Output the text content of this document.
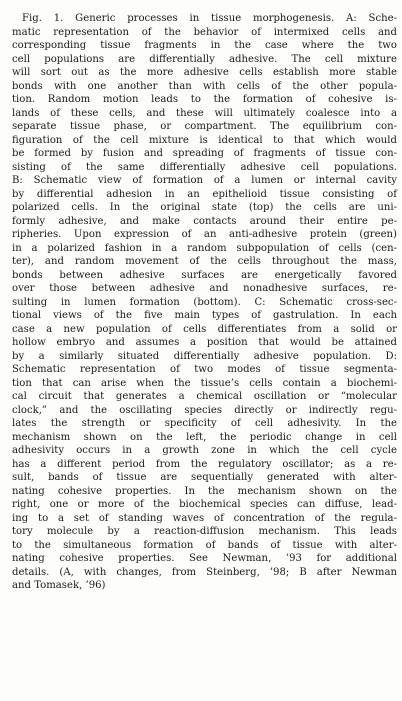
Fig. 1. Generic processes in tissue morphogenesis. A: Sche-
matic representation of the behavior of intermixed cells and
corresponding tissue fragments in the case where the two
cell populations are differentially adhesive. The cell mixture
will sort out as the more adhesive cells establish more stable
bonds with one another than with cells of the other popula-
tion. Random motion leads to the formation of cohesive is-
lands of these cells, and these will ultimately coalesce into a
separate tissue phase, or compartment. The equilibrium con-
figuration of the cell mixture is identical to that which would
be formed by fusion and spreading of fragments of tissue con-
sisting of the same differentially adhesive cell populations.
B: Schematic view of formation of a lumen or internal cavity
by differential adhesion in an epithelioid tissue consisting of
polarized cells. In the original state (top) the cells are uni-
formly adhesive, and make contacts around their entire pe-
ripheries. Upon expression of an anti-adhesive protein (green)
in a polarized fashion in a random subpopulation of cells (cen-
ter), and random movement of the cells throughout the mass,
bonds between adhesive surfaces are energetically favored
over those between adhesive and nonadhesive surfaces, re-
sulting in lumen formation (bottom). C: Schematic cross-sec-
tional views of the five main types of gastrulation. In each
case a new population of cells differentiates from a solid or
hollow embryo and assumes a position that would be attained
by a similarly situated differentially adhesive population. D:
Schematic representation of two modes of tissue segmenta-
tion that can arise when the tissue’s cells contain a biochemi-
cal circuit that generates a chemical oscillation or “molecular
clock,” and the oscillating species directly or indirectly regu-
lates the strength or specificity of cell adhesivity. In the
mechanism shown on the left, the periodic change in cell
adhesivity occurs in a growth zone in which the cell cycle
has a different period from the regulatory oscillator; as a re-
sult, bands of tissue are sequentially generated with alter-
nating cohesive properties. In the mechanism shown on the
right, one or more of the biochemical species can diffuse, lead-
ing to a set of standing waves of concentration of the regula-
tory molecule by a reaction-diffusion mechanism. This leads
to the simultaneous formation of bands of tissue with alter-
nating cohesive properties. See Newman, ’93 for additional
details. (A, with changes, from Steinberg, ’98; B after Newman
and Tomasek, ’96)
